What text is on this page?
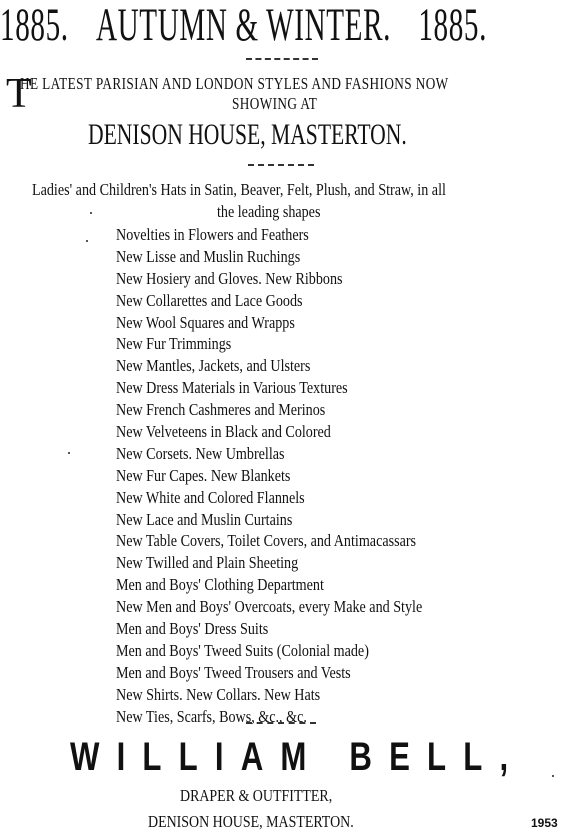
1885. AUTUMN & WINTER. 1885.
T
HE LATEST PARISIAN AND LONDON STYLES AND FASHIONS NOW
SHOWING AT
DENISON HOUSE, MASTERTON.
Ladies' and Children's Hats in Satin, Beaver, Felt, Plush, and Straw, in all
the leading shapes
Novelties in Flowers and Feathers
New Lisse and Muslin Ruchings
New Hosiery and Gloves. New Ribbons
New Collarettes and Lace Goods
New Wool Squares and Wrapps
New Fur Trimmings
New Mantles, Jackets, and Ulsters
New Dress Materials in Various Textures
New French Cashmeres and Merinos
New Velveteens in Black and Colored
New Corsets. New Umbrellas
New Fur Capes. New Blankets
New White and Colored Flannels
New Lace and Muslin Curtains
New Table Covers, Toilet Covers, and Antimacassars
New Twilled and Plain Sheeting
Men and Boys' Clothing Department
New Men and Boys' Overcoats, every Make and Style
Men and Boys' Dress Suits
Men and Boys' Tweed Suits (Colonial made)
Men and Boys' Tweed Trousers and Vests
New Shirts. New Collars. New Hats
New Ties, Scarfs, Bows, &c., &c.
WILLIAM BELL,
DRAPER & OUTFITTER,
DENISON HOUSE, MASTERTON.	1953
